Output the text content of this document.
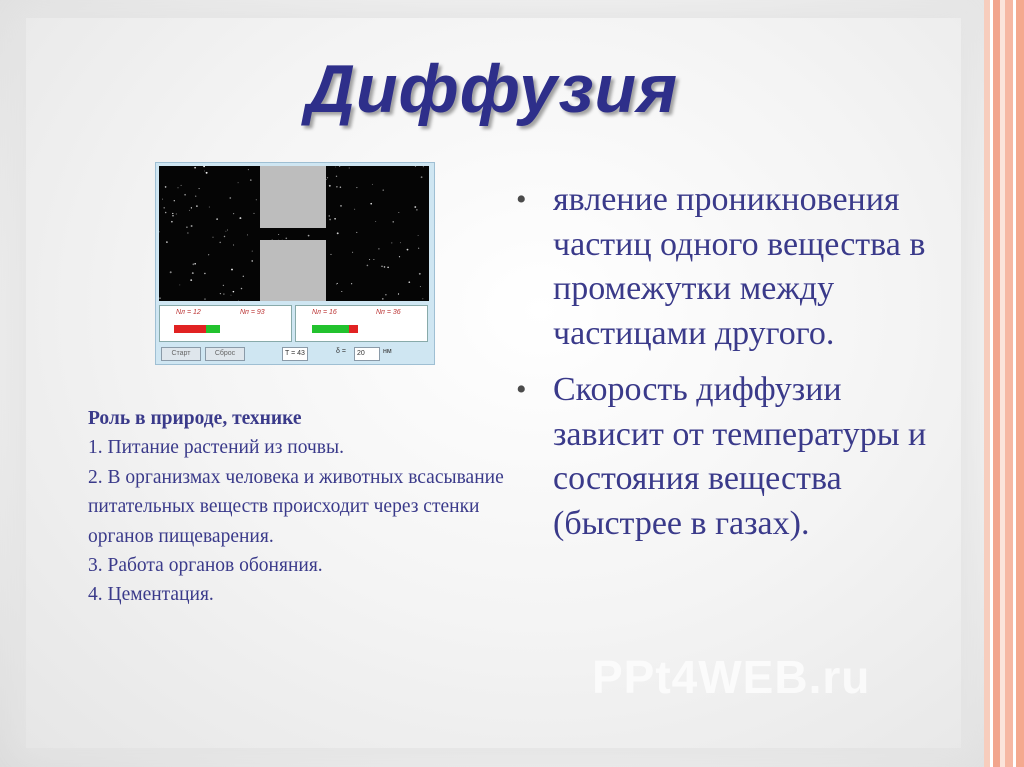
Диффузия
Nл = 12	Nп = 93	Nл = 16	Nп = 36
Старт	Сброс	T = 43	δ =	20	нм
• явление проникновения частиц одного вещества в промежутки между частицами другого.
• Скорость диффузии зависит от температуры и состояния вещества (быстрее в газах).
Роль в природе, технике
1. Питание растений из почвы.
2. В организмах человека и животных всасывание питательных веществ происходит через стенки органов пищеварения.
3. Работа органов обоняния.
4. Цементация.
PPt4WEB.ru
